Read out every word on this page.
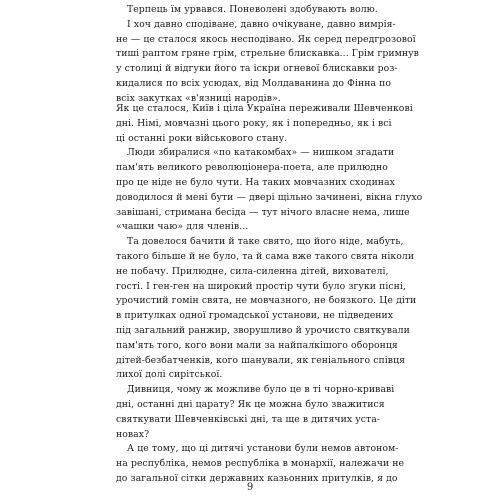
Терпець їм урвався. Поневолені здобувають волю.
І хоч давно сподіване, давно очікуване, давно вимрія-
не — це сталося якось несподівано. Як серед передгрозової
тиші раптом гряне грім, стрельне блискавка... Грім гримнув
у столиці й відгуки його та іскри огневої блискавки роз-
кидалися по всіх усюдах, від Молдаванина до Фінна по
всіх закутках «в'язниці народів».
Як це сталося, Київ і ціла Україна переживали Шевченкові
дні. Німі, мовчазні цього року, як і попередньо, як і всі
ці останні роки військового стану.
Люди збиралися «по катакомбах» — нишком згадати
пам'ять великого революціонера-поета, але прилюдно
про це ніде не було чути. На таких мовчазних сходинах
доводилося й мені бути — двері щільно зачинені, вікна глухо
завішані, стримана бесіда — тут нічого власне нема, лише
«чашки чаю» для членів...
Та довелося бачити й таке свято, що його ніде, мабуть,
такого більше й не було, та й сама вже такого свята ніколи
не побачу. Прилюдне, сила-силенна дітей, вихователі,
гості. І ген-ген на широкий простір чути було згуки пісні,
урочистий гомін свята, не мовчазного, не боязкого. Це діти
в притулках одної громадської установи, не підведених
під загальний ранжир, зворушливо й урочисто святкували
пам'ять того, кого вони мали за найпалкішого оборонця
дітей-безбатченків, кого шанували, як геніального співця
лихої долі сирітської.
Дивниця, чому ж можливе було це в ті чорно-криваві
дні, останні дні царату? Як це можна було зважитися
святкувати Шевченківські дні, та ще в дитячих уста-
новах?
А це тому, що ці дитячі установи були немов автоном-
на республіка, немов республіка в монархії, належачи не
до загальної сітки державних казьонних притулків, я до
9
